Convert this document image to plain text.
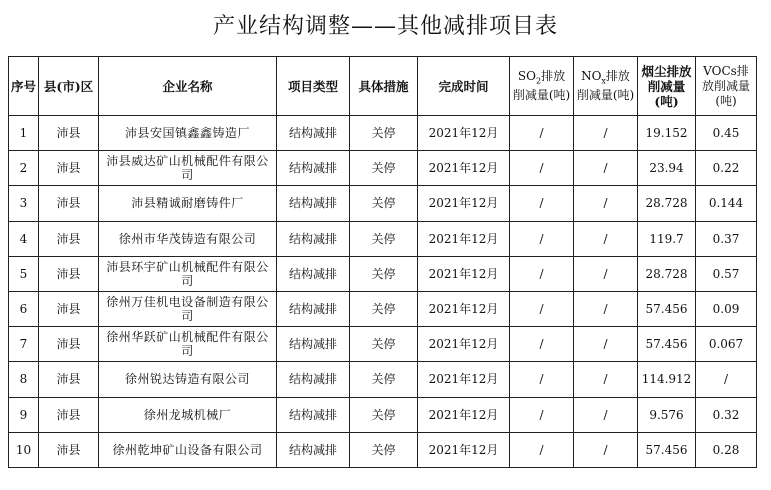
产业结构调整——其他减排项目表
序号	县(市)区	企业名称	项目类型	具体措施	完成时间	$SO_2$排放削减量(吨)	$NO_x$排放削减量(吨)	烟尘排放削减量(吨)	VOCs排放削减量(吨)
1	沛县	沛县安国镇鑫鑫铸造厂	结构减排	关停	2021年12月	/	/	19.152	0.45
2	沛县	沛县威达矿山机械配件有限公司	结构减排	关停	2021年12月	/	/	23.94	0.22
3	沛县	沛县精诚耐磨铸件厂	结构减排	关停	2021年12月	/	/	28.728	0.144
4	沛县	徐州市华茂铸造有限公司	结构减排	关停	2021年12月	/	/	119.7	0.37
5	沛县	沛县环宇矿山机械配件有限公司	结构减排	关停	2021年12月	/	/	28.728	0.57
6	沛县	徐州万佳机电设备制造有限公司	结构减排	关停	2021年12月	/	/	57.456	0.09
7	沛县	徐州华跃矿山机械配件有限公司	结构减排	关停	2021年12月	/	/	57.456	0.067
8	沛县	徐州锐达铸造有限公司	结构减排	关停	2021年12月	/	/	114.912	/
9	沛县	徐州龙城机械厂	结构减排	关停	2021年12月	/	/	9.576	0.32
10	沛县	徐州乾坤矿山设备有限公司	结构减排	关停	2021年12月	/	/	57.456	0.28
